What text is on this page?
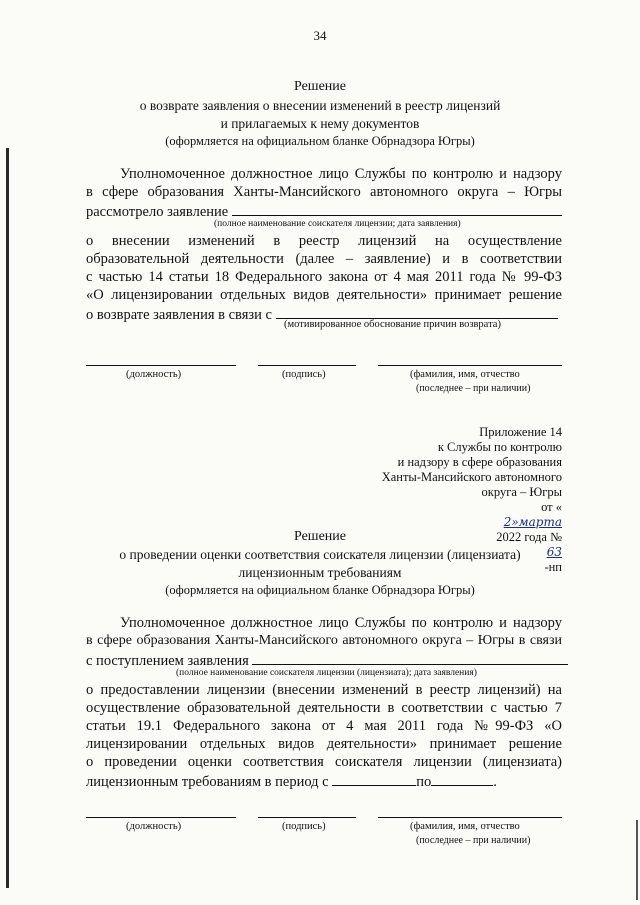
34
Решение
о возврате заявления о внесении изменений в реестр лицензий
и прилагаемых к нему документов
(оформляется на официальном бланке Обрнадзора Югры)
Уполномоченное должностное лицо Службы по контролю и надзору
в сфере образования Ханты-Мансийского автономного округа – Югры
рассмотрело заявление
(полное наименование соискателя лицензии; дата заявления)
о внесении изменений в реестр лицензий на осуществление
образовательной деятельности (далее – заявление) и в соответствии
с частью 14 статьи 18 Федерального закона от 4 мая 2011 года № 99-ФЗ
«О лицензировании отдельных видов деятельности» принимает решение
о возврате заявления в связи с
(мотивированное обоснование причин возврата)
(должность)	(подпись)	(фамилия, имя, отчество
(последнее – при наличии)
Приложение 14
к Службы по контролю
и надзору в сфере образования
Ханты-Мансийского автономного
округа – Югры
от «
2»марта
2022 года №
63
-нп
Решение
о проведении оценки соответствия соискателя лицензии (лицензиата)
лицензионным требованиям
(оформляется на официальном бланке Обрнадзора Югры)
Уполномоченное должностное лицо Службы по контролю и надзору
в сфере образования Ханты-Мансийского автономного округа – Югры в связи
с поступлением заявления
(полное наименование соискателя лицензии (лицензиата); дата заявления)
о предоставлении лицензии (внесении изменений в реестр лицензий) на
осуществление образовательной деятельности в соответствии с частью 7
статьи 19.1 Федерального закона от 4 мая 2011 года №99-ФЗ «О
лицензировании отдельных видов деятельности» принимает решение
о проведении оценки соответствия соискателя лицензии (лицензиата)
лицензионным требованиям в период с	по	.
(должность)	(подпись)	(фамилия, имя, отчество
(последнее – при наличии)
